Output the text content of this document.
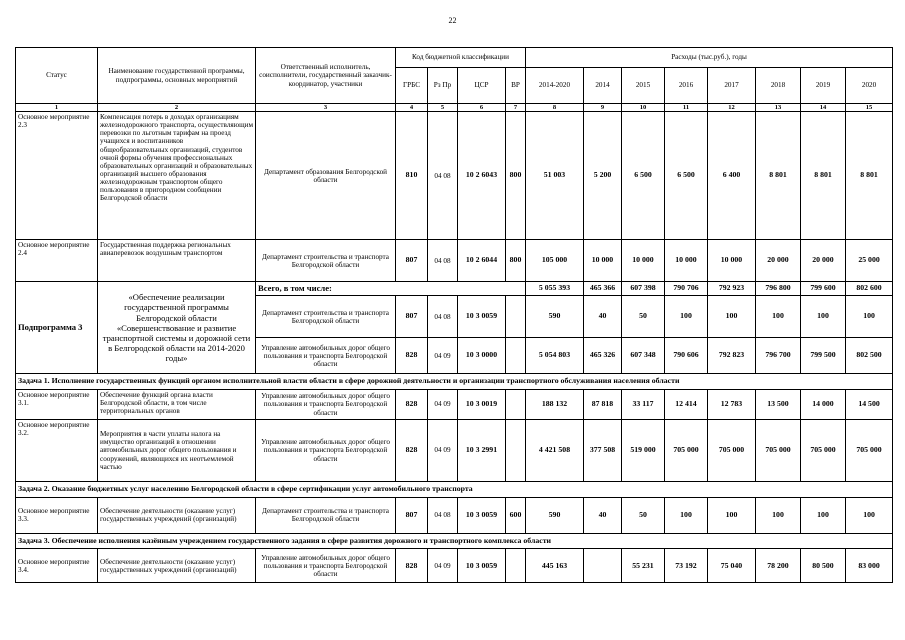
22
Статус	Наименование государственной программы, подпрограммы, основных мероприятий	Ответственный исполнитель, соисполнители, государственный заказчик-координатор, участники	Код бюджетной классификации				Расходы (тыс.руб.), годы							
			ГРБС	Рз Пр	ЦСР	ВР	2014-2020	2014	2015	2016	2017	2018	2019	2020
1	2	3	4	5	6	7	8	9	10	11	12	13	14	15
Основное мероприятие 2.3	Компенсация потерь в доходах организациям железнодорожного транспорта, осуществляющим перевозки по льготным тарифам на проезд учащихся и воспитанников общеобразовательных организаций, студентов очной формы обучения профессиональных образовательных организаций и образовательных организаций высшего образования железнодорожным транспортом общего пользования в пригородном сообщении Белгородской области	Департамент образования Белгородской области	810	04 08	10 2 6043	800	51 003	5 200	6 500	6 500	6 400	8 801	8 801	8 801
Основное мероприятие 2.4	Государственная поддержка региональных авиаперевозок воздушным транспортом	Департамент строительства и транспорта Белгородской области	807	04 08	10 2 6044	800	105 000	10 000	10 000	10 000	10 000	20 000	20 000	25 000
Подпрограмма 3	«Обеспечение реализации государственной программы Белгородской области «Совершенствование и развитие транспортной системы и дорожной сети в Белгородской области на 2014-2020 годы»	Всего, в том числе:					5 055 393	465 366	607 398	790 706	792 923	796 800	799 600	802 600
		Департамент строительства и транспорта Белгородской области	807	04 08	10 3 0059		590	40	50	100	100	100	100	100
		Управление автомобильных дорог общего пользования и транспорта Белгородской области	828	04 09	10 3 0000		5 054 803	465 326	607 348	790 606	792 823	796 700	799 500	802 500
Задача 1. Исполнение государственных функций органом исполнительной власти области в сфере дорожной деятельности и организации транспортного обслуживания населения области														
Основное мероприятие 3.1.	Обеспечение функций органа власти Белгородской области, в том числе территориальных органов	Управление автомобильных дорог общего пользования и транспорта Белгородской области	828	04 09	10 3 0019		188 132	87 818	33 117	12 414	12 783	13 500	14 000	14 500
Основное мероприятие 3.2.	Мероприятия в части уплаты налога на имущество организаций в отношении автомобильных дорог общего пользования и сооружений, являющихся их неотъемлемой частью	Управление автомобильных дорог общего пользования и транспорта Белгородской области	828	04 09	10 3 2991		4 421 508	377 508	519 000	705 000	705 000	705 000	705 000	705 000
Задача 2. Оказание бюджетных услуг населению Белгородской области в сфере сертификации услуг автомобильного транспорта														
Основное мероприятие 3.3.	Обеспечение деятельности (оказание услуг) государственных учреждений (организаций)	Департамент строительства и транспорта Белгородской области	807	04 08	10 3 0059	600	590	40	50	100	100	100	100	100
Задача 3. Обеспечение исполнения казённым учреждением государственного задания в сфере развития дорожного и транспортного комплекса области														
Основное мероприятие 3.4.	Обеспечение деятельности (оказание услуг) государственных учреждений (организаций)	Управление автомобильных дорог общего пользования и транспорта Белгородской области	828	04 09	10 3 0059		445 163		55 231	73 192	75 040	78 200	80 500	83 000
